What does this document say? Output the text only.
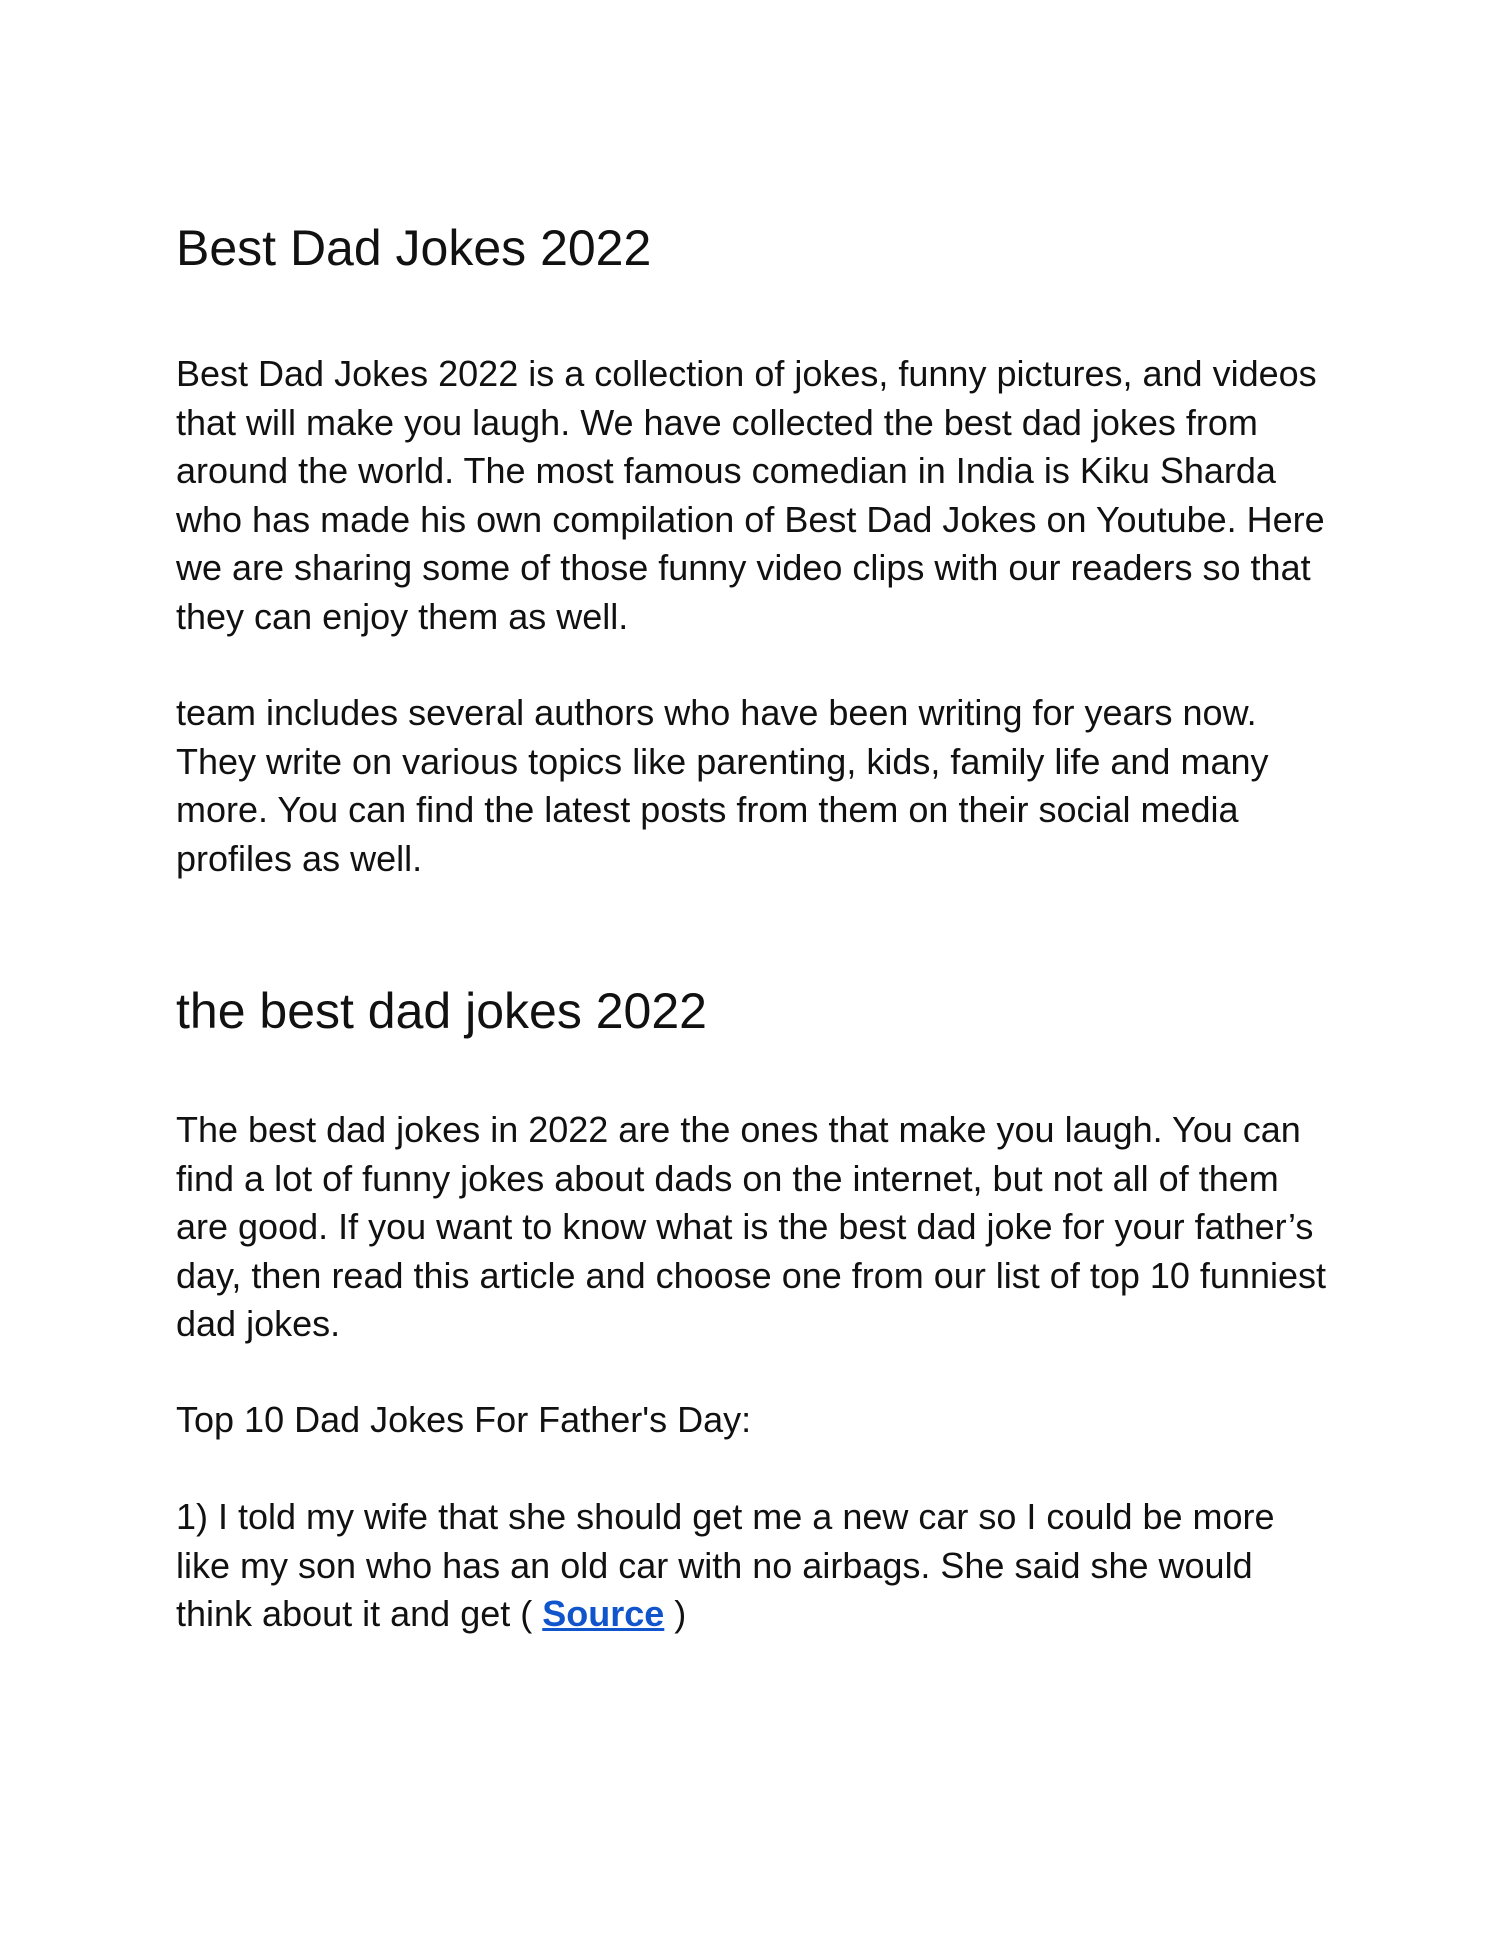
Best Dad Jokes 2022

Best Dad Jokes 2022 is a collection of jokes, funny pictures, and videos that will make you laugh. We have collected the best dad jokes from around the world. The most famous comedian in India is Kiku Sharda who has made his own compilation of Best Dad Jokes on Youtube. Here we are sharing some of those funny video clips with our readers so that they can enjoy them as well.

team includes several authors who have been writing for years now. They write on various topics like parenting, kids, family life and many more. You can find the latest posts from them on their social media profiles as well.

the best dad jokes 2022

The best dad jokes in 2022 are the ones that make you laugh. You can find a lot of funny jokes about dads on the internet, but not all of them are good. If you want to know what is the best dad joke for your father’s day, then read this article and choose one from our list of top 10 funniest dad jokes.

Top 10 Dad Jokes For Father's Day:

1) I told my wife that she should get me a new car so I could be more like my son who has an old car with no airbags. She said she would think about it and get ( Source )
